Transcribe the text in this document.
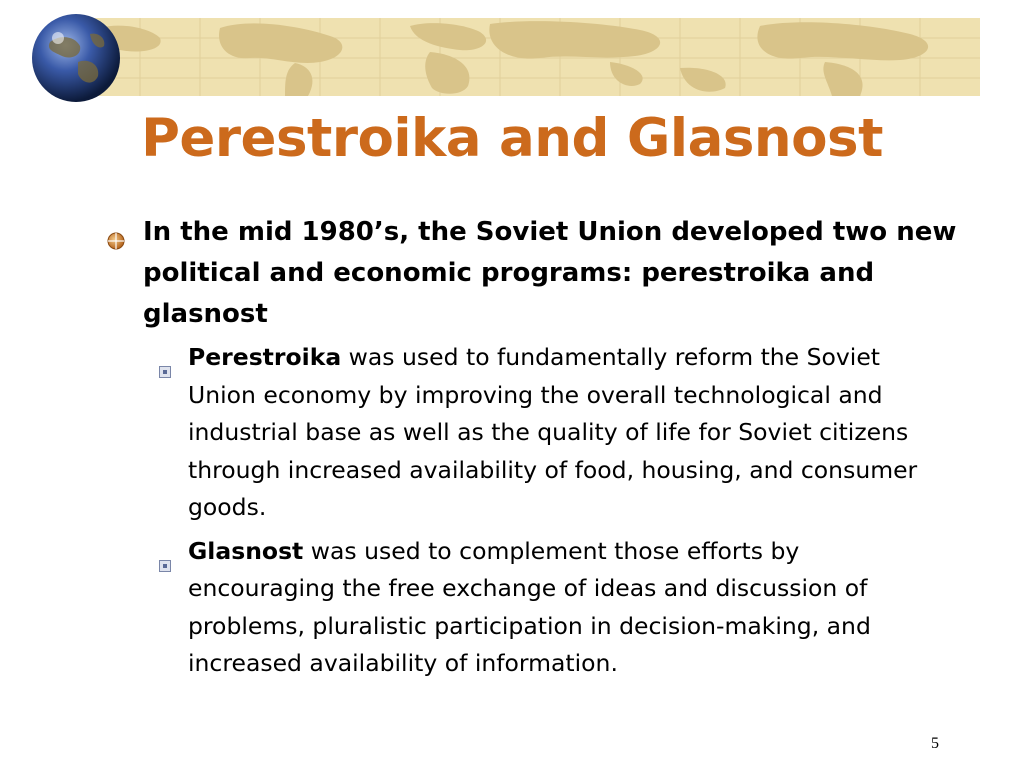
Perestroika and Glasnost
In the mid 1980’s, the Soviet Union developed two new political and economic programs: perestroika and glasnost
Perestroika was used to fundamentally reform the Soviet Union economy by improving the overall technological and industrial base as well as the quality of life for Soviet citizens through increased availability of food, housing, and consumer goods.
Glasnost was used to complement those efforts by encouraging the free exchange of ideas and discussion of problems, pluralistic participation in decision-making, and increased availability of information.
5
